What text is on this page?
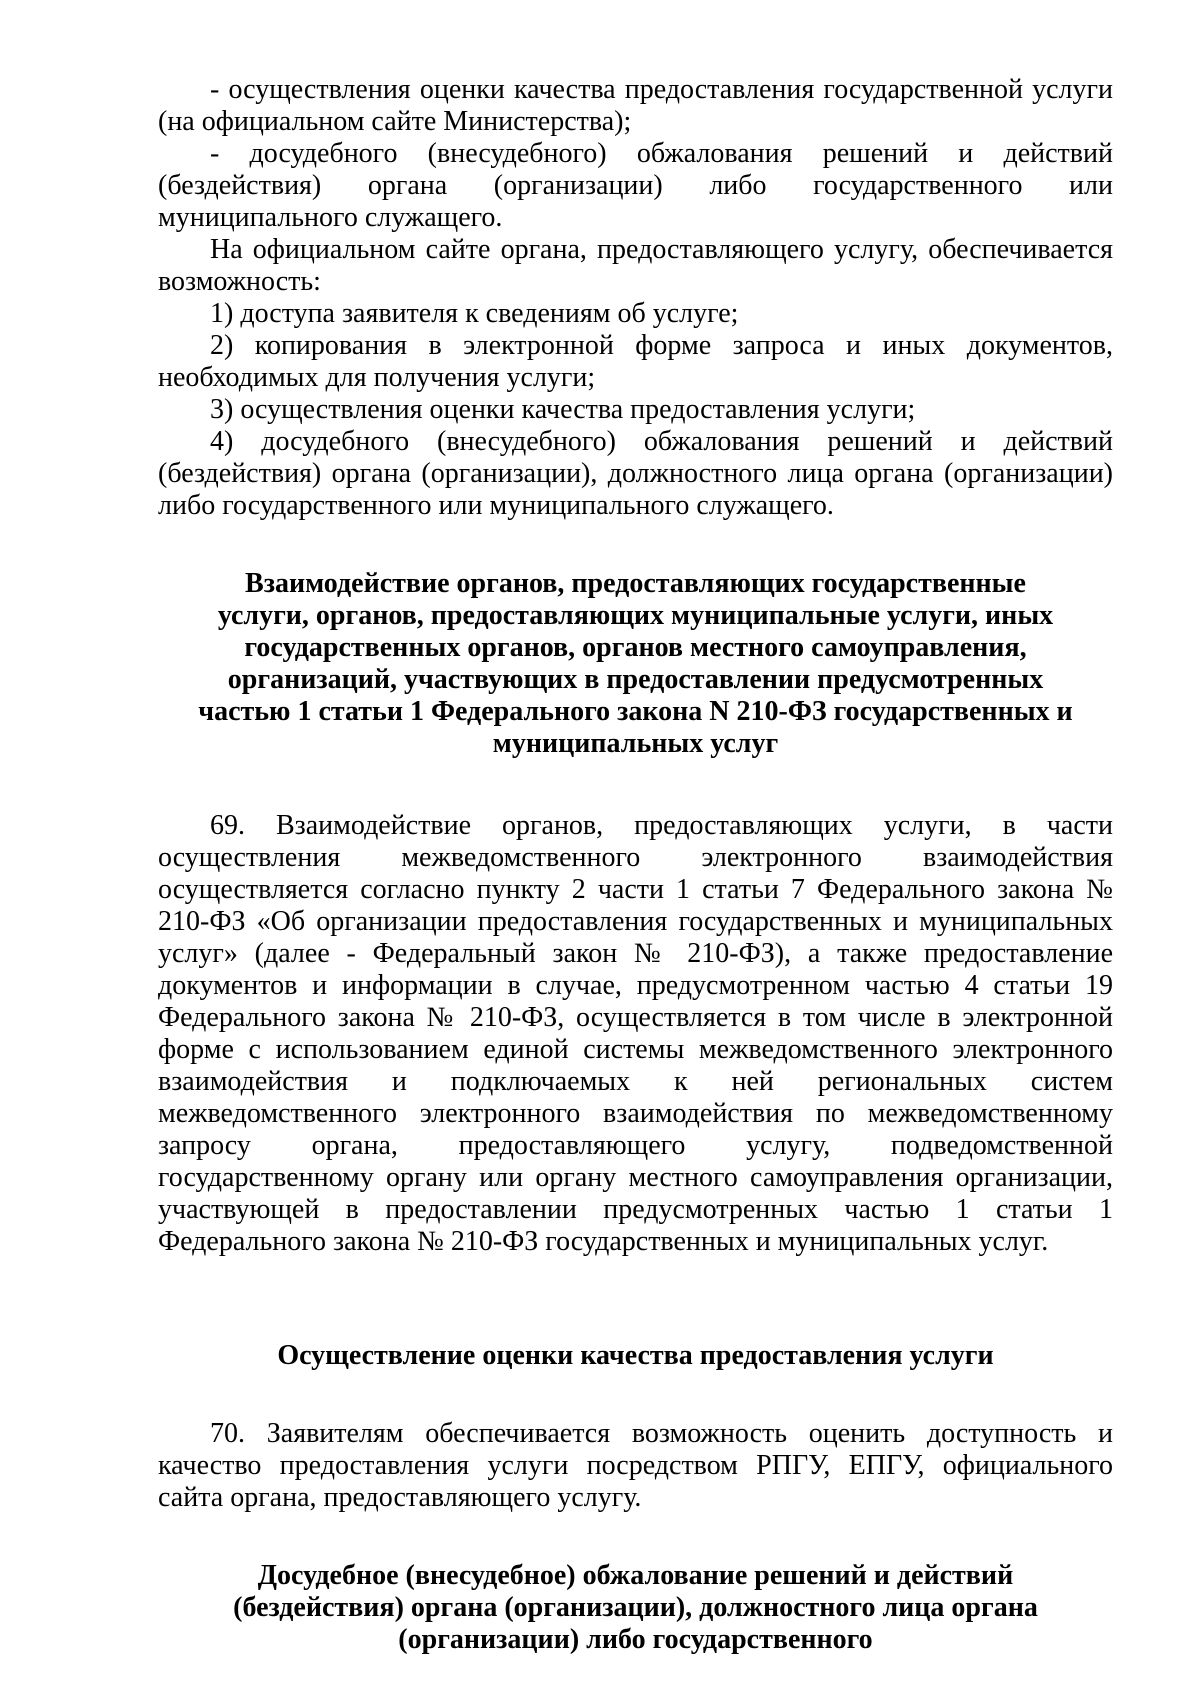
- осуществления оценки качества предоставления государственной услуги (на официальном сайте Министерства);

- досудебного (внесудебного) обжалования решений и действий (бездействия) органа (организации) либо государственного или муниципального служащего.

На официальном сайте органа, предоставляющего услугу, обеспечивается возможность:

1) доступа заявителя к сведениям об услуге;

2) копирования в электронной форме запроса и иных документов, необходимых для получения услуги;

3) осуществления оценки качества предоставления услуги;

4) досудебного (внесудебного) обжалования решений и действий (бездействия) органа (организации), должностного лица органа (организации) либо государственного или муниципального служащего.

Взаимодействие органов, предоставляющих государственные услуги, органов, предоставляющих муниципальные услуги, иных государственных органов, органов местного самоуправления, организаций, участвующих в предоставлении предусмотренных частью 1 статьи 1 Федерального закона N 210-ФЗ государственных и муниципальных услуг

69. Взаимодействие органов, предоставляющих услуги, в части осуществления межведомственного электронного взаимодействия осуществляется согласно пункту 2 части 1 статьи 7 Федерального закона № 210-ФЗ «Об организации предоставления государственных и муниципальных услуг» (далее - Федеральный закон № 210-ФЗ), а также предоставление документов и информации в случае, предусмотренном частью 4 статьи 19 Федерального закона № 210-ФЗ, осуществляется в том числе в электронной форме с использованием единой системы межведомственного электронного взаимодействия и подключаемых к ней региональных систем межведомственного электронного взаимодействия по межведомственному запросу органа, предоставляющего услугу, подведомственной государственному органу или органу местного самоуправления организации, участвующей в предоставлении предусмотренных частью 1 статьи 1 Федерального закона № 210-ФЗ государственных и муниципальных услуг.

Осуществление оценки качества предоставления услуги

70. Заявителям обеспечивается возможность оценить доступность и качество предоставления услуги посредством РПГУ, ЕПГУ, официального сайта органа, предоставляющего услугу.

Досудебное (внесудебное) обжалование решений и действий (бездействия) органа (организации), должностного лица органа (организации) либо государственного
